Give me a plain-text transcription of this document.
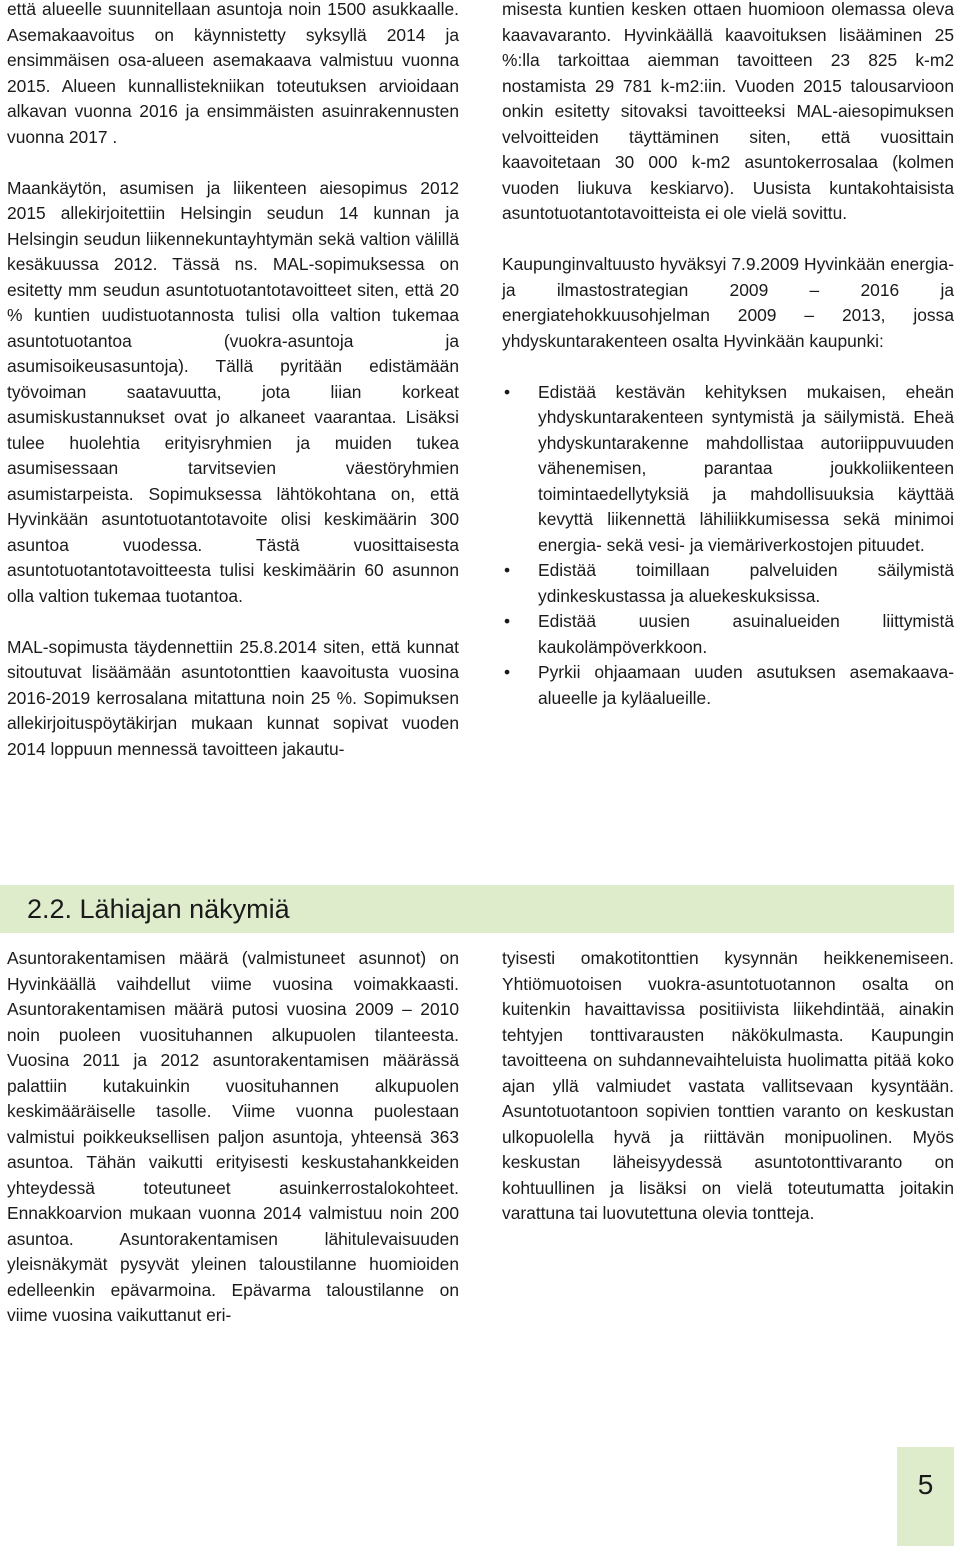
että alueelle suunnitellaan asuntoja noin 1500 asukkaalle. Asemakaavoitus on käynnistetty syksyllä 2014 ja ensimmäisen osa-alueen asemakaava valmistuu vuonna 2015. Alueen kunnallistekniikan toteutuksen arvioidaan alkavan vuonna 2016 ja ensimmäisten asuinrakennusten vuonna 2017 .

Maankäytön, asumisen ja liikenteen aiesopimus 2012 2015 allekirjoitettiin Helsingin seudun 14 kunnan ja Helsingin seudun liikennekuntayhtymän sekä valtion välillä kesäkuussa 2012. Tässä ns. MAL-sopimuksessa on esitetty mm seudun asuntotuotantotavoitteet siten, että 20 % kuntien uudistuotannosta tulisi olla valtion tukemaa asuntotuotantoa (vuokra-asuntoja ja asumisoikeusasuntoja). Tällä pyritään edistämään työvoiman saatavuutta, jota liian korkeat asumiskustannukset ovat jo alkaneet vaarantaa. Lisäksi tulee huolehtia erityisryhmien ja muiden tukea asumisessaan tarvitsevien väestöryhmien asumistarpeista. Sopimuksessa lähtökohtana on, että Hyvinkään asuntotuotantotavoite olisi keskimäärin 300 asuntoa vuodessa. Tästä vuosittaisesta asuntotuotantotavoitteesta tulisi keskimäärin 60 asunnon olla valtion tukemaa tuotantoa.

MAL-sopimusta täydennettiin 25.8.2014 siten, että kunnat sitoutuvat lisäämään asuntotonttien kaavoitusta vuosina 2016-2019 kerrosalana mitattuna noin 25 %. Sopimuksen allekirjoituspöytäkirjan mukaan kunnat sopivat vuoden 2014 loppuun mennessä tavoitteen jakautu-

misesta kuntien kesken ottaen huomioon olemassa oleva kaavavaranto. Hyvinkäällä kaavoituksen lisääminen 25 %:lla tarkoittaa aiemman tavoitteen 23 825 k-m2 nostamista 29 781 k-m2:iin. Vuoden 2015 talousarvioon onkin esitetty sitovaksi tavoitteeksi MAL-aiesopimuksen velvoitteiden täyttäminen siten, että vuosittain kaavoitetaan 30 000 k-m2 asuntokerrosalaa (kolmen vuoden liukuva keskiarvo). Uusista kuntakohtaisista asuntotuotantotavoitteista ei ole vielä sovittu.

Kaupunginvaltuusto hyväksyi 7.9.2009 Hyvinkään energia- ja ilmastostrategian 2009 – 2016 ja energiatehokkuusohjelman 2009 – 2013, jossa yhdyskuntarakenteen osalta Hyvinkään kaupunki:

• Edistää kestävän kehityksen mukaisen, eheän yhdyskuntarakenteen syntymistä ja säilymistä. Eheä yhdyskuntarakenne mahdollistaa autoriippuvuuden vähenemisen, parantaa joukkoliikenteen toimintaedellytyksiä ja mahdollisuuksia käyttää kevyttä liikennettä lähiliikkumisessa sekä minimoi energia- sekä vesi- ja viemäriverkostojen pituudet.
• Edistää toimillaan palveluiden säilymistä ydinkeskustassa ja aluekeskuksissa.
• Edistää uusien asuinalueiden liittymistä kaukolämpöverkkoon.
• Pyrkii ohjaamaan uuden asutuksen asemakaava-alueelle ja kyläalueille.
2.2. Lähiajan näkymiä

Asuntorakentamisen määrä (valmistuneet asunnot) on Hyvinkäällä vaihdellut viime vuosina voimakkaasti. Asuntorakentamisen määrä putosi vuosina 2009 – 2010 noin puoleen vuosituhannen alkupuolen tilanteesta. Vuosina 2011 ja 2012 asuntorakentamisen määrässä palattiin kutakuinkin vuosituhannen alkupuolen keskimääräiselle tasolle. Viime vuonna puolestaan valmistui poikkeuksellisen paljon asuntoja, yhteensä 363 asuntoa. Tähän vaikutti erityisesti keskustahankkeiden yhteydessä toteutuneet asuinkerrostalokohteet. Ennakkoarvion mukaan vuonna 2014 valmistuu noin 200 asuntoa. Asuntorakentamisen lähitulevaisuuden yleisnäkymät pysyvät yleinen taloustilanne huomioiden edelleenkin epävarmoina. Epävarma taloustilanne on viime vuosina vaikuttanut eri-

tyisesti omakotitonttien kysynnän heikkenemiseen. Yhtiömuotoisen vuokra-asuntotuotannon osalta on kuitenkin havaittavissa positiivista liikehdintää, ainakin tehtyjen tonttivarausten näkökulmasta. Kaupungin tavoitteena on suhdannevaihteluista huolimatta pitää koko ajan yllä valmiudet vastata vallitsevaan kysyntään. Asuntotuotantoon sopivien tonttien varanto on keskustan ulkopuolella hyvä ja riittävän monipuolinen. Myös keskustan läheisyydessä asuntotonttivaranto on kohtuullinen ja lisäksi on vielä toteutumatta joitakin varattuna tai luovutettuna olevia tontteja.

5
